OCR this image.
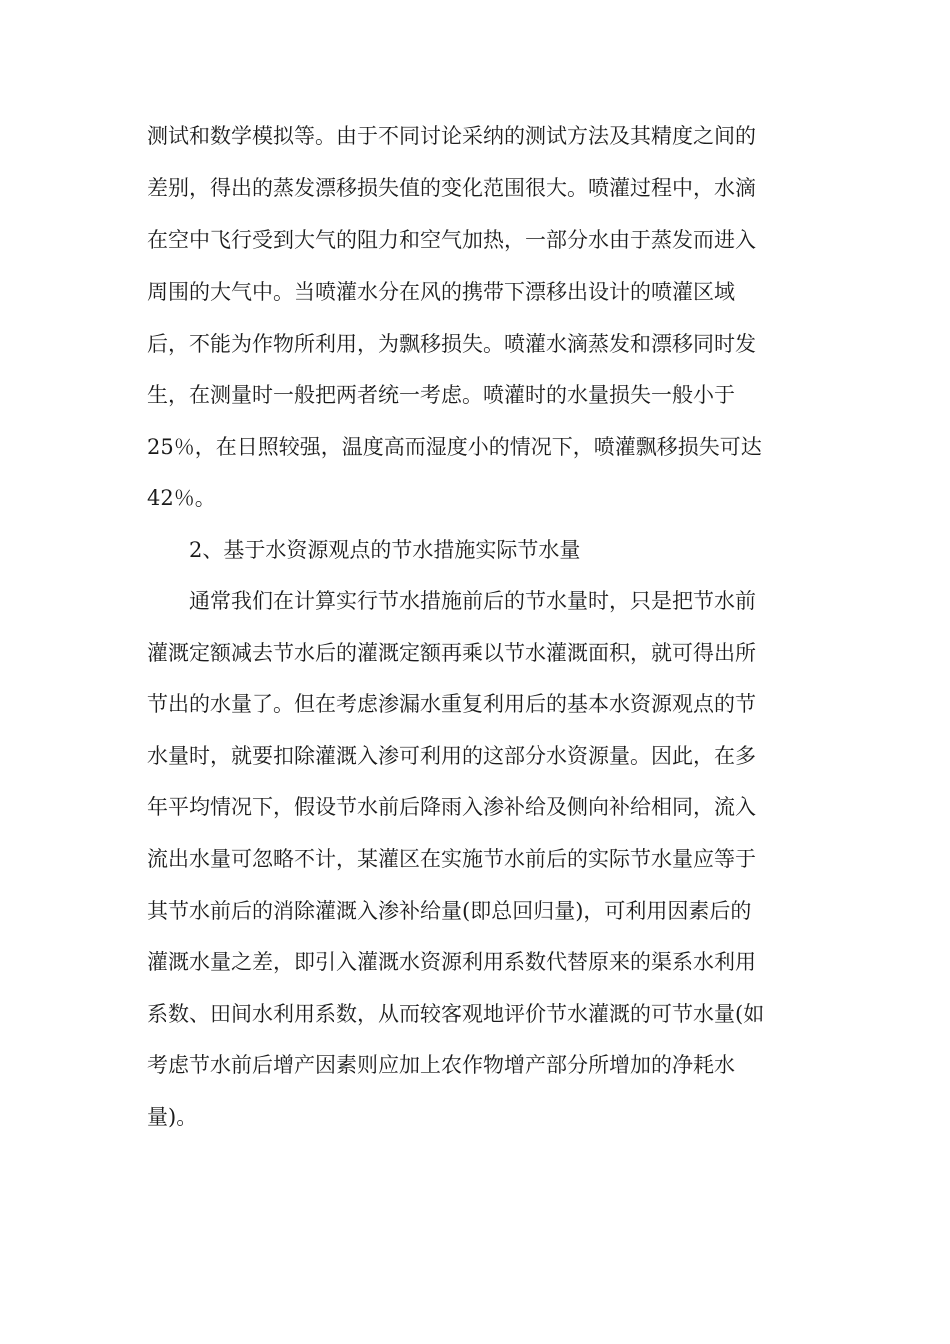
测试和数学模拟等。由于不同讨论采纳的测试方法及其精度之间的
差别，得出的蒸发漂移损失值的变化范围很大。喷灌过程中，水滴
在空中飞行受到大气的阻力和空气加热，一部分水由于蒸发而进入
周围的大气中。当喷灌水分在风的携带下漂移出设计的喷灌区域
后，不能为作物所利用，为飘移损失。喷灌水滴蒸发和漂移同时发
生，在测量时一般把两者统一考虑。喷灌时的水量损失一般小于
25％，在日照较强，温度高而湿度小的情况下，喷灌飘移损失可达
42％。
2、基于水资源观点的节水措施实际节水量
通常我们在计算实行节水措施前后的节水量时，只是把节水前
灌溉定额减去节水后的灌溉定额再乘以节水灌溉面积，就可得出所
节出的水量了。但在考虑渗漏水重复利用后的基本水资源观点的节
水量时，就要扣除灌溉入渗可利用的这部分水资源量。因此，在多
年平均情况下，假设节水前后降雨入渗补给及侧向补给相同，流入
流出水量可忽略不计，某灌区在实施节水前后的实际节水量应等于
其节水前后的消除灌溉入渗补给量(即总回归量)，可利用因素后的
灌溉水量之差，即引入灌溉水资源利用系数代替原来的渠系水利用
系数、田间水利用系数，从而较客观地评价节水灌溉的可节水量(如
考虑节水前后增产因素则应加上农作物增产部分所增加的净耗水
量)。
